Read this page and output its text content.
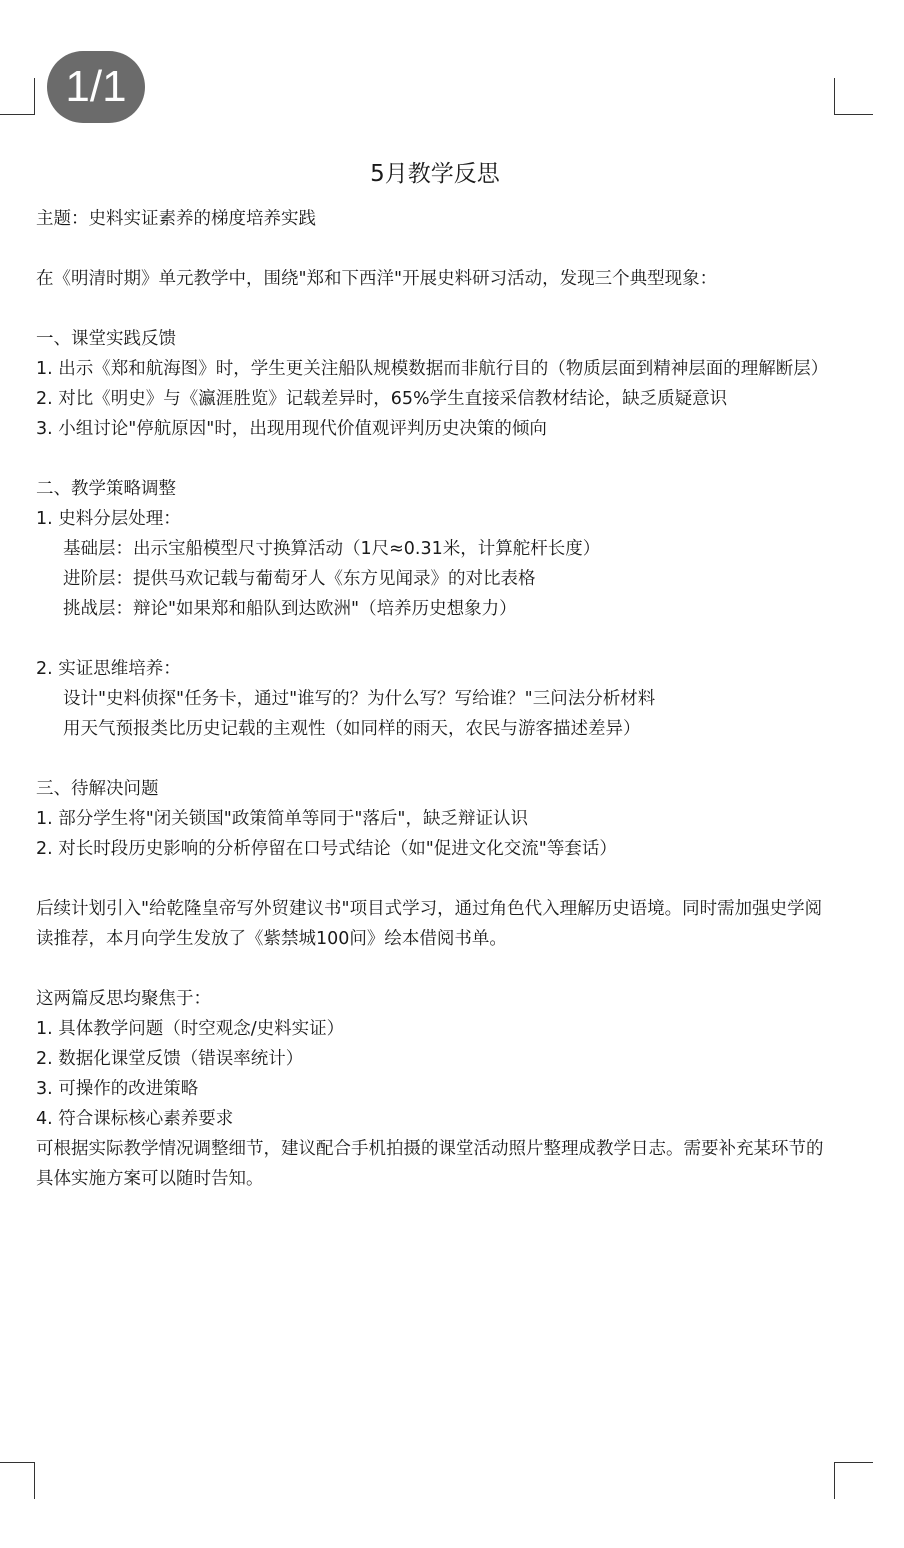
1/1
5月教学反思

主题：史料实证素养的梯度培养实践

在《明清时期》单元教学中，围绕"郑和下西洋"开展史料研习活动，发现三个典型现象：

一、课堂实践反馈

1. 出示《郑和航海图》时，学生更关注船队规模数据而非航行目的（物质层面到精神层面的理解断层）

2. 对比《明史》与《瀛涯胜览》记载差异时，65%学生直接采信教材结论，缺乏质疑意识

3. 小组讨论"停航原因"时，出现用现代价值观评判历史决策的倾向

二、教学策略调整

1. 史料分层处理：

基础层：出示宝船模型尺寸换算活动（1尺≈0.31米，计算舵杆长度）

进阶层：提供马欢记载与葡萄牙人《东方见闻录》的对比表格

挑战层：辩论"如果郑和船队到达欧洲"（培养历史想象力）

2. 实证思维培养：

设计"史料侦探"任务卡，通过"谁写的？为什么写？写给谁？"三问法分析材料

用天气预报类比历史记载的主观性（如同样的雨天，农民与游客描述差异）

三、待解决问题

1. 部分学生将"闭关锁国"政策简单等同于"落后"，缺乏辩证认识

2. 对长时段历史影响的分析停留在口号式结论（如"促进文化交流"等套话）

后续计划引入"给乾隆皇帝写外贸建议书"项目式学习，通过角色代入理解历史语境。同时需加强史学阅读推荐，本月向学生发放了《紫禁城100问》绘本借阅书单。

这两篇反思均聚焦于：

1. 具体教学问题（时空观念/史料实证）

2. 数据化课堂反馈（错误率统计）

3. 可操作的改进策略

4. 符合课标核心素养要求

可根据实际教学情况调整细节，建议配合手机拍摄的课堂活动照片整理成教学日志。需要补充某环节的具体实施方案可以随时告知。
